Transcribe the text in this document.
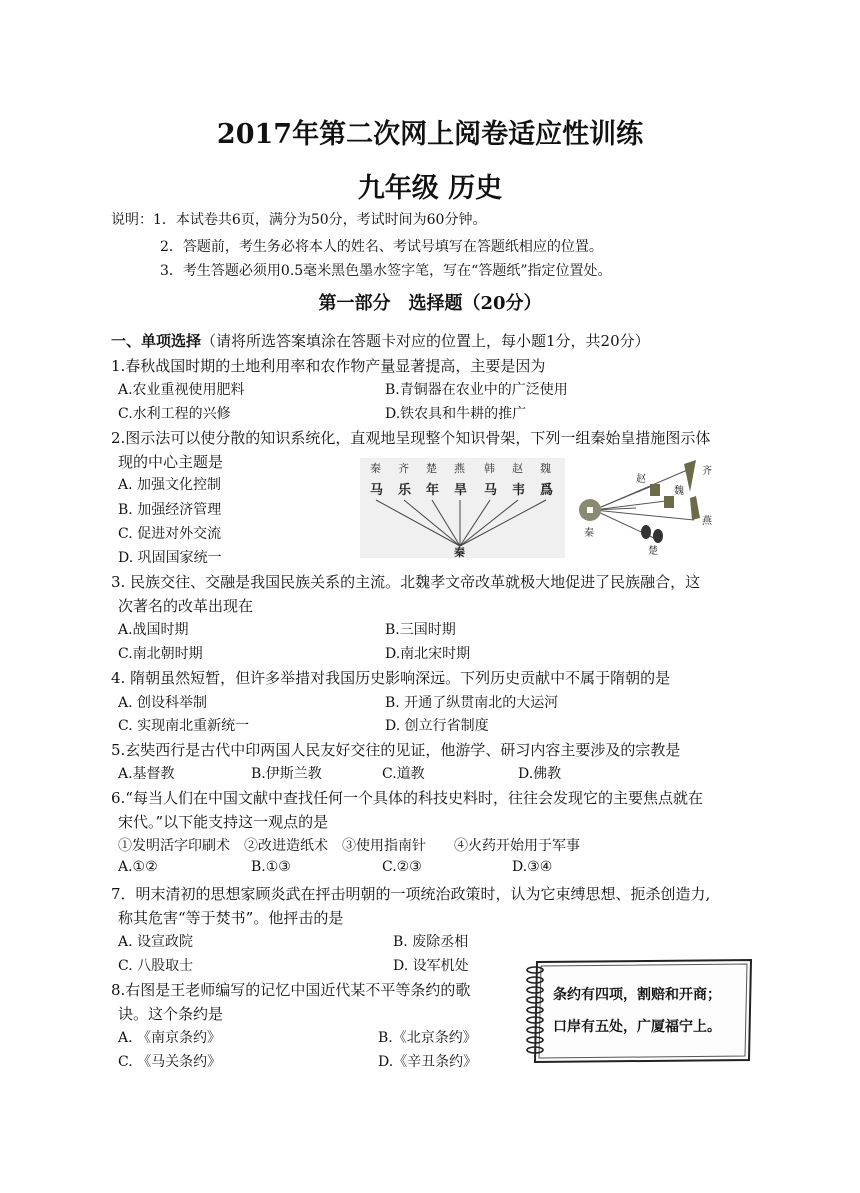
2017年第二次网上阅卷适应性训练
九年级 历史
说明：1．本试卷共6页，满分为50分，考试时间为60分钟。
2．答题前，考生务必将本人的姓名、考试号填写在答题纸相应的位置。
3．考生答题必须用0.5毫米黑色墨水签字笔，写在“答题纸”指定位置处。
第一部分　选择题（20分）
一、单项选择（请将所选答案填涂在答题卡对应的位置上，每小题1分，共20分）
1.春秋战国时期的土地利用率和农作物产量显著提高，主要是因为
A.农业重视使用肥料	B.青铜器在农业中的广泛使用
C.水利工程的兴修	D.铁农具和牛耕的推广
2.图示法可以使分散的知识系统化，直观地呈现整个知识骨架，下列一组秦始皇措施图示体
现的中心主题是
A. 加强文化控制
B. 加强经济管理
C. 促进对外交流
D. 巩固国家统一
秦 齐 楚 燕 韩 赵 魏
马 乐 年 旱 马 韦 爲
秦
齐
赵
魏
秦
燕
楚
3. 民族交往、交融是我国民族关系的主流。北魏孝文帝改革就极大地促进了民族融合，这
次著名的改革出现在
A.战国时期	B.三国时期
C.南北朝时期	D.南北宋时期
4. 隋朝虽然短暂，但许多举措对我国历史影响深远。下列历史贡献中不属于隋朝的是
A. 创设科举制	B. 开通了纵贯南北的大运河
C. 实现南北重新统一	D. 创立行省制度
5.玄奘西行是古代中印两国人民友好交往的见证，他游学、研习内容主要涉及的宗教是
A.基督教	B.伊斯兰教	C.道教	D.佛教
6.“每当人们在中国文献中查找任何一个具体的科技史料时，往往会发现它的主要焦点就在
宋代。”以下能支持这一观点的是
①发明活字印刷术　②改进造纸术　③使用指南针　　④火药开始用于军事
A.①②	B.①③	C.②③	D.③④
7．明末清初的思想家顾炎武在抨击明朝的一项统治政策时，认为它束缚思想、扼杀创造力,
称其危害“等于焚书”。他抨击的是
A. 设宣政院	B. 废除丞相
C. 八股取士	D. 设军机处
8.右图是王老师编写的记忆中国近代某不平等条约的歌
诀。这个条约是
A. 《南京条约》	B.《北京条约》
C. 《马关条约》	D.《辛丑条约》
条约有四项，割赔和开商；
口岸有五处，广厦福宁上。
